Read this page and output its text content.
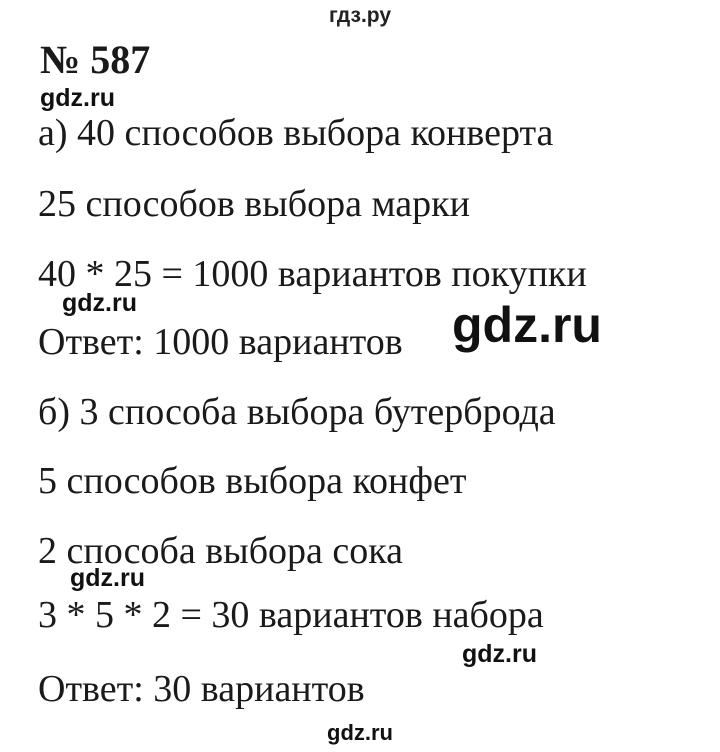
гдз.ру
№ 587
gdz.ru
а) 40 способов выбора конверта
25 способов выбора марки
40 * 25 = 1000 вариантов покупки
gdz.ru	gdz.ru
Ответ: 1000 вариантов
б) 3 способа выбора бутерброда
5 способов выбора конфет
2 способа выбора сока
gdz.ru
3 * 5 * 2 = 30 вариантов набора
gdz.ru
Ответ: 30 вариантов
gdz.ru
